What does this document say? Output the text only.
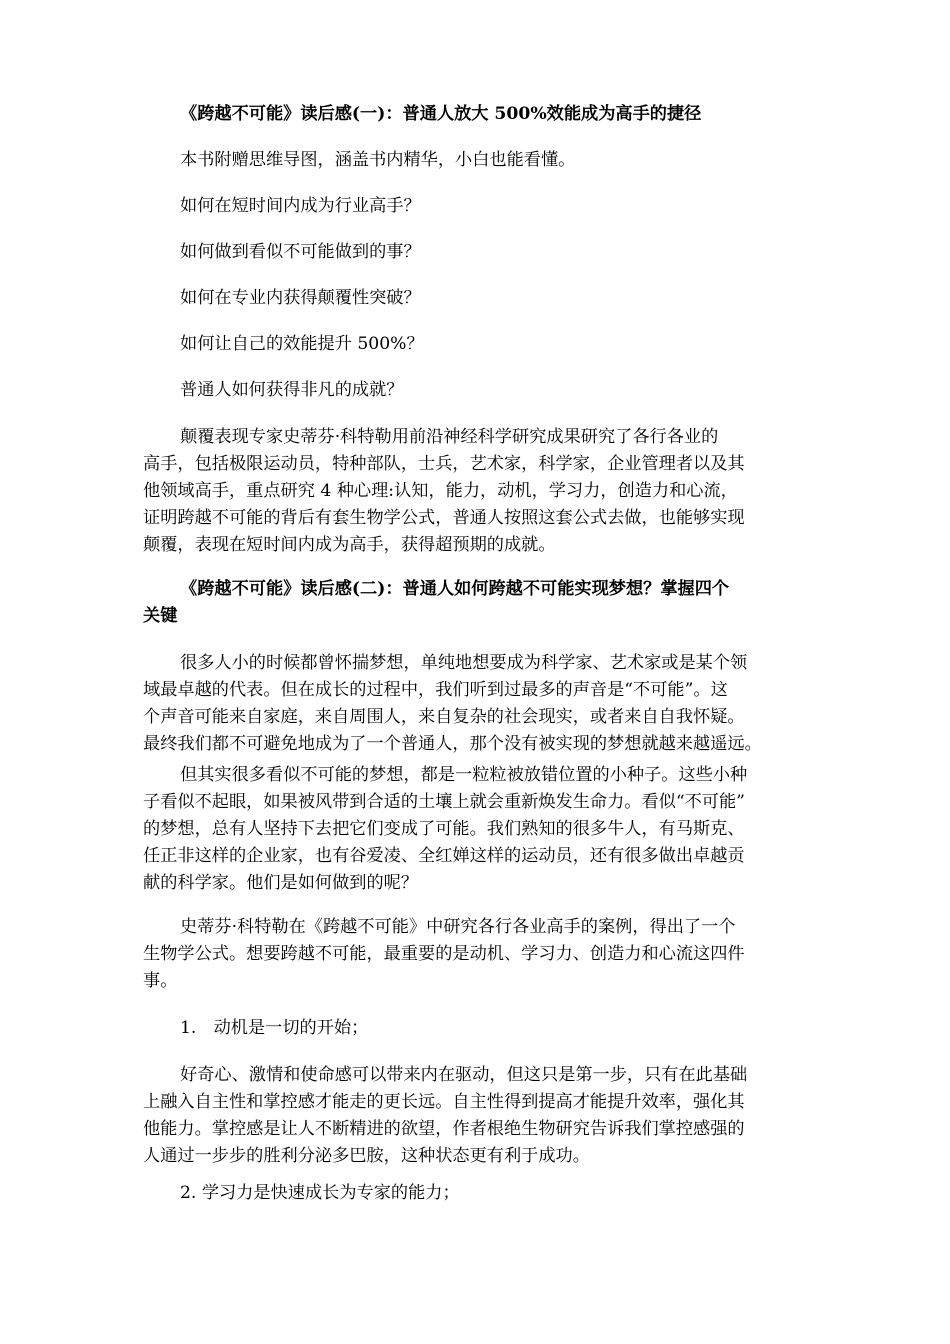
《跨越不可能》读后感(一)：普通人放大 500%效能成为高手的捷径

本书附赠思维导图，涵盖书内精华，小白也能看懂。

如何在短时间内成为行业高手？

如何做到看似不可能做到的事？

如何在专业内获得颠覆性突破？

如何让自己的效能提升 500%？

普通人如何获得非凡的成就？

颠覆表现专家史蒂芬·科特勒用前沿神经科学研究成果研究了各行各业的
高手，包括极限运动员，特种部队，士兵，艺术家，科学家，企业管理者以及其
他领域高手，重点研究 4 种心理:认知，能力，动机，学习力，创造力和心流，
证明跨越不可能的背后有套生物学公式，普通人按照这套公式去做，也能够实现
颠覆，表现在短时间内成为高手，获得超预期的成就。
《跨越不可能》读后感(二)：普通人如何跨越不可能实现梦想？掌握四个
关键
很多人小的时候都曾怀揣梦想，单纯地想要成为科学家、艺术家或是某个领
域最卓越的代表。但在成长的过程中，我们听到过最多的声音是“不可能”。这
个声音可能来自家庭，来自周围人，来自复杂的社会现实，或者来自自我怀疑。
最终我们都不可避免地成为了一个普通人，那个没有被实现的梦想就越来越遥远。
但其实很多看似不可能的梦想，都是一粒粒被放错位置的小种子。这些小种
子看似不起眼，如果被风带到合适的土壤上就会重新焕发生命力。看似“不可能”
的梦想，总有人坚持下去把它们变成了可能。我们熟知的很多牛人，有马斯克、
任正非这样的企业家，也有谷爱凌、全红婵这样的运动员，还有很多做出卓越贡
献的科学家。他们是如何做到的呢？
史蒂芬·科特勒在《跨越不可能》中研究各行各业高手的案例，得出了一个
生物学公式。想要跨越不可能，最重要的是动机、学习力、创造力和心流这四件
事。

1.　动机是一切的开始；

好奇心、激情和使命感可以带来内在驱动，但这只是第一步，只有在此基础
上融入自主性和掌控感才能走的更长远。自主性得到提高才能提升效率，强化其
他能力。掌控感是让人不断精进的欲望，作者根绝生物研究告诉我们掌控感强的
人通过一步步的胜利分泌多巴胺，这种状态更有利于成功。

2. 学习力是快速成长为专家的能力；
